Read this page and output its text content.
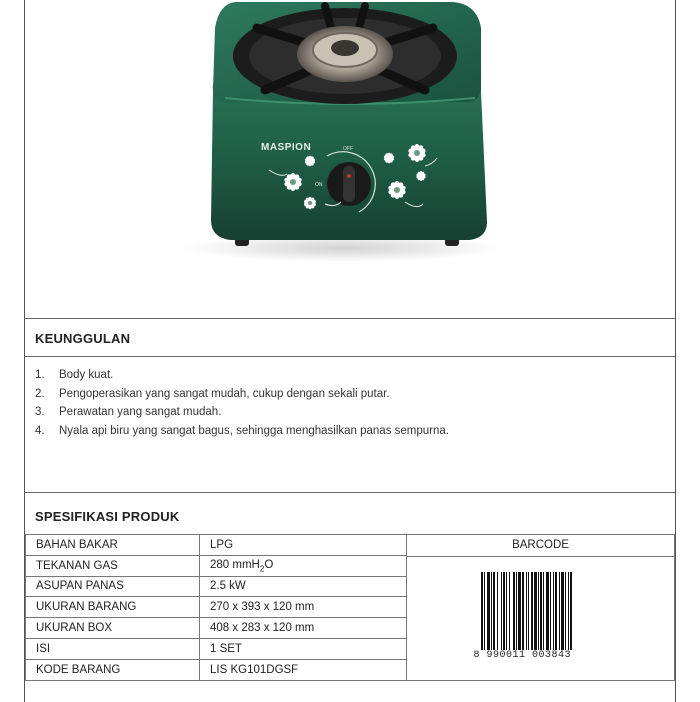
MASPION	OFF
ON
KEUNGGULAN
1.	Body kuat.
2.	Pengoperasikan yang sangat mudah, cukup dengan sekali putar.
3.	Perawatan yang sangat mudah.
4.	Nyala api biru yang sangat bagus, sehingga menghasilkan panas sempurna.
SPESIFIKASI PRODUK
BAHAN BAKAR	LPG	BARCODE
8 990011 003843

TEKANAN GAS	280 mmH$_2$O	
ASUPAN PANAS	2.5 kW	
UKURAN BARANG	270 x 393 x 120 mm	
UKURAN BOX	408 x 283 x 120 mm	
ISI	1 SET	
KODE BARANG	LIS KG101DGSF	
